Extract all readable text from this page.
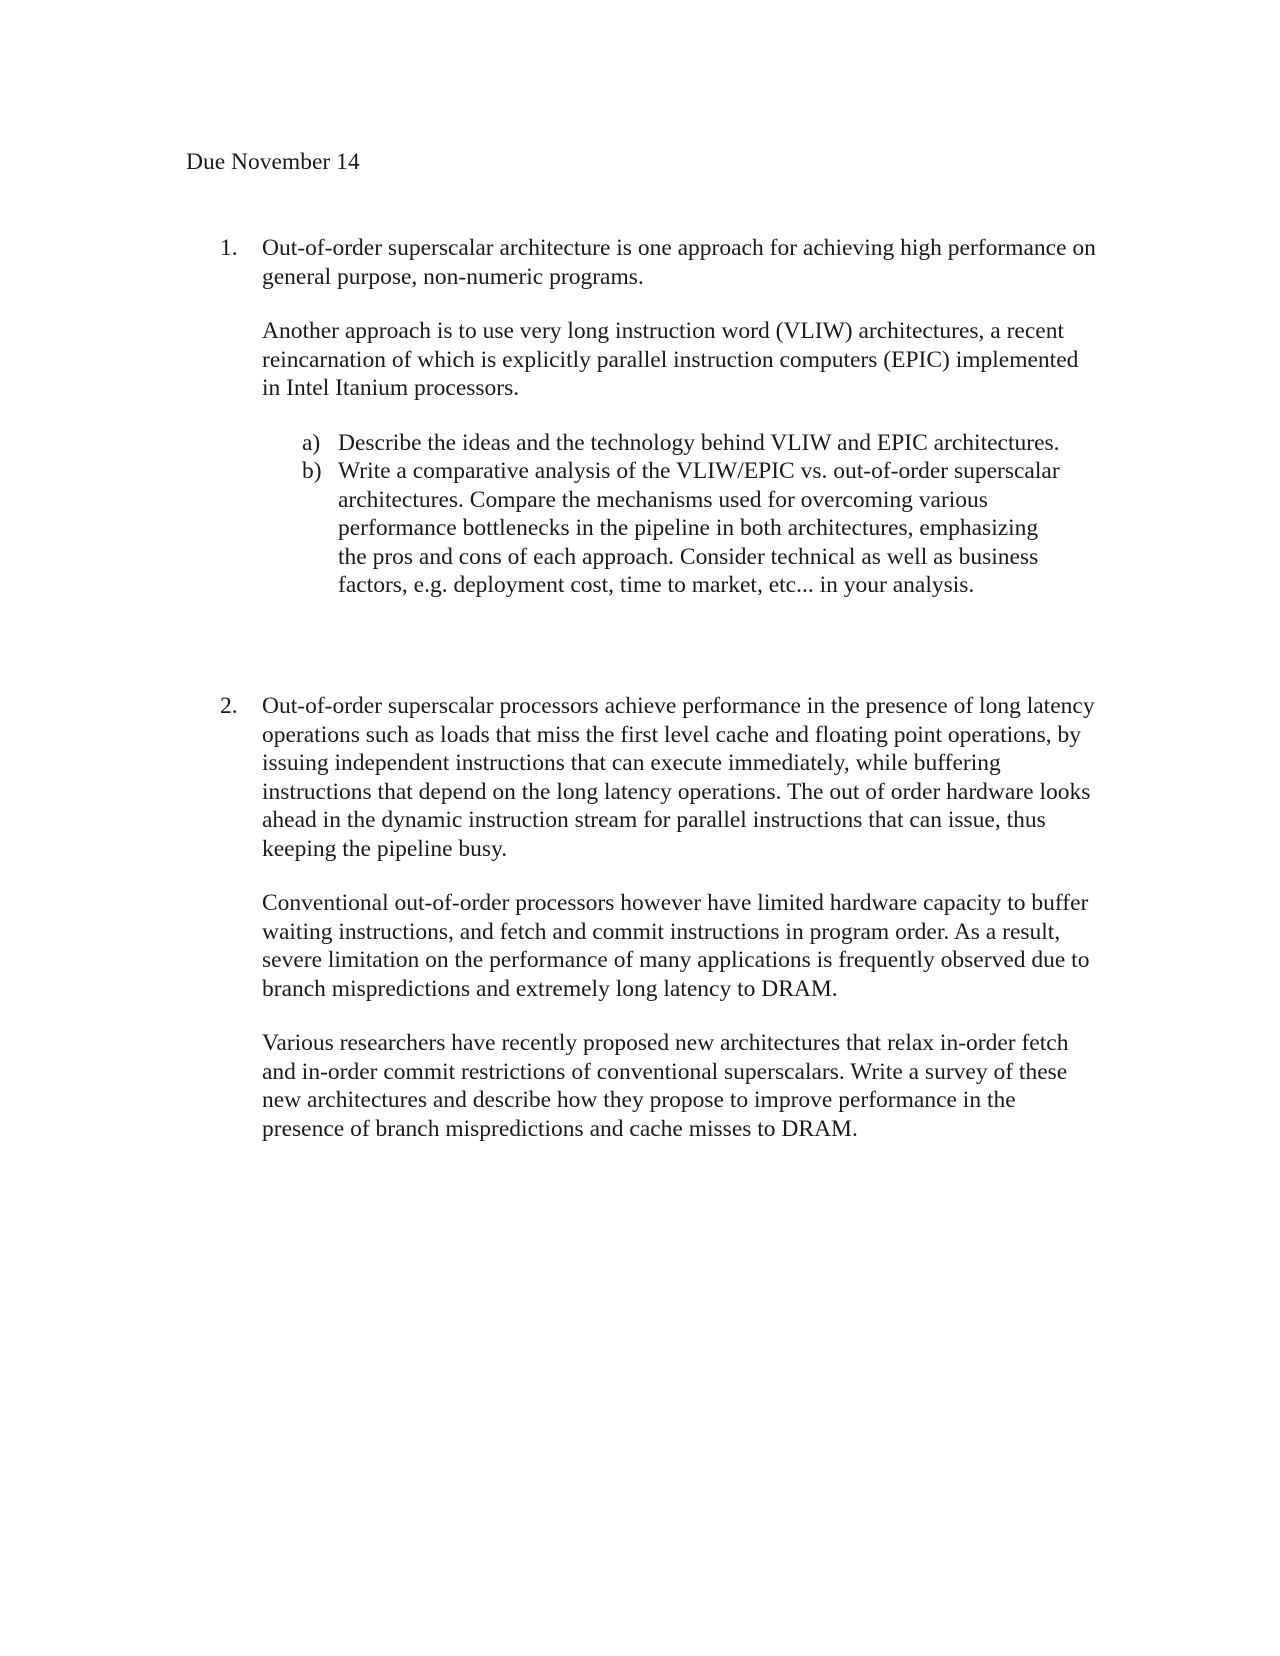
Due November 14
1. Out-of-order superscalar architecture is one approach for achieving high performance on general purpose, non-numeric programs.

Another approach is to use very long instruction word (VLIW) architectures, a recent reincarnation of which is explicitly parallel instruction computers (EPIC) implemented in Intel Itanium processors.

a) Describe the ideas and the technology behind VLIW and EPIC architectures.
b) Write a comparative analysis of the VLIW/EPIC vs. out-of-order superscalar architectures. Compare the mechanisms used for overcoming various performance bottlenecks in the pipeline in both architectures, emphasizing the pros and cons of each approach. Consider technical as well as business factors, e.g. deployment cost, time to market, etc... in your analysis.
2. Out-of-order superscalar processors achieve performance in the presence of long latency operations such as loads that miss the first level cache and floating point operations, by issuing independent instructions that can execute immediately, while buffering instructions that depend on the long latency operations. The out of order hardware looks ahead in the dynamic instruction stream for parallel instructions that can issue, thus keeping the pipeline busy.

Conventional out-of-order processors however have limited hardware capacity to buffer waiting instructions, and fetch and commit instructions in program order. As a result, severe limitation on the performance of many applications is frequently observed due to branch mispredictions and extremely long latency to DRAM.

Various researchers have recently proposed new architectures that relax in-order fetch and in-order commit restrictions of conventional superscalars. Write a survey of these new architectures and describe how they propose to improve performance in the presence of branch mispredictions and cache misses to DRAM.
